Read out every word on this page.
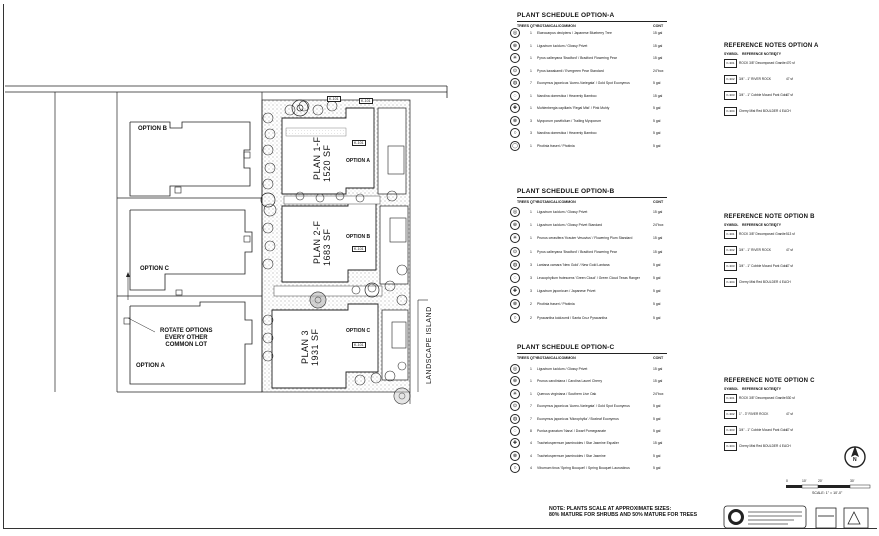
OPTION B
OPTION C
OPTION A
ROTATE OPTIONS
EVERY OTHER
COMMON LOT
PLAN 1-F 1520 SF	OPTION A
PLAN 2-F 1683 SF	OPTION B
PLAN 3 1931 SF	OPTION C	LANDSCAPE ISLAND
K-101	K-101
K-101
K-101
K-101
PLANT SCHEDULE OPTION-A
TREES QTY BOTANICAL/COMMON	CONT
◎	1 Elaeocarpus decipiens / Japanese Blueberry Tree	15 gal
⊕	1 Ligustrum lucidum / Glossy Privet	15 gal
✳	1 Pyrus calleryana 'Bradford' / Bradford Flowering Pear	15 gal
⊙	1 Pyrus kawakamii / Evergreen Pear Standard	24"box
◍	7 Euonymus japonicus 'Aureo-Variegata' / Gold Spot Euonymus	5 gal
◌	1 Nandina domestica / Heavenly Bamboo	15 gal
✚	1 Muhlenbergia capillaris 'Regal Mist' / Pink Muhly	5 gal
⊗	3 Myoporum parvifolium / Trailing Myoporum	5 gal
○	3 Nandina domestica / Heavenly Bamboo	5 gal
◯	1 Photinia fraseri / Photinia	5 gal
PLANT SCHEDULE OPTION-B
TREES QTY BOTANICAL/COMMON	CONT
◎	1 Ligustrum lucidum / Glossy Privet	15 gal
⊕	1 Ligustrum lucidum / Glossy Privet Standard	24"box
✳	1 Prunus cerasifera 'Krauter Vesuvius' / Flowering Plum Standard	15 gal
⊙	1 Pyrus calleryana 'Bradford' / Bradford Flowering Pear	15 gal
◍	3 Lantana camara 'New Gold' / New Gold Lantana	5 gal
◌	3 Leucophyllum frutescens 'Green Cloud' / Green Cloud Texas Ranger	5 gal
✚	3 Ligustrum japonicum / Japanese Privet	5 gal
⊗	2 Photinia fraseri / Photinia	5 gal
○	2 Pyracantha koidzumii / Santa Cruz Pyracantha	5 gal
PLANT SCHEDULE OPTION-C
TREES QTY BOTANICAL/COMMON	CONT
◎	1 Ligustrum lucidum / Glossy Privet	15 gal
⊕	1 Prunus caroliniana / Carolina Laurel Cherry	15 gal
✳	1 Quercus virginiana / Southern Live Oak	24"box
⊙	7 Euonymus japonicus 'Aureo-Variegata' / Gold Spot Euonymus	5 gal
◍	7 Euonymus japonicus 'Microphylla' / Boxleaf Euonymus	5 gal
◌	8 Punica granatum 'Nana' / Dwarf Pomegranate	5 gal
✚	4 Trachelospermum jasminoides / Star Jasmine Espalier	15 gal
⊗	4 Trachelospermum jasminoides / Star Jasmine	5 gal
○	4 Viburnum tinus 'Spring Bouquet' / Spring Bouquet Laurustinus	5 gal
REFERENCE NOTES OPTION A
SYMBOL REFERENCE NOTES
QTY
K-301	ROCK 3/8" Decomposed Granite 470 sf
K-302	3/4" - 1" RIVER ROCK	47 sf
K-303	3/4" - 1" Cobble Mound Park Gold 47 sf
K-304	Cherry Mist Red BOULDER 4 EACH
REFERENCE NOTE OPTION B
SYMBOL REFERENCE NOTES
QTY
K-301	ROCK 3/8" Decomposed Granite 513 sf
K-302	3/4" - 1" RIVER ROCK	47 sf
K-303	3/4" - 1" Cobble Mound Park Gold 47 sf
K-304	Cherry Mist Red BOULDER 4 EACH
REFERENCE NOTE OPTION C
SYMBOL REFERENCE NOTES
QTY
K-301	ROCK 3/8" Decomposed Granite 530 sf
K-302	1" - 3" RIVER ROCK	47 sf
K-303	3/4" - 1" Cobble Mound Park Gold 47 sf
K-304	Cherry Mist Red BOULDER 4 EACH
NOTE: PLANTS SCALE AT APPROXIMATE SIZES:
80% MATURE FOR SHRUBS AND 50% MATURE FOR TREES
N
0	10'	20'	30'
SCALE: 1" = 10'-0"
